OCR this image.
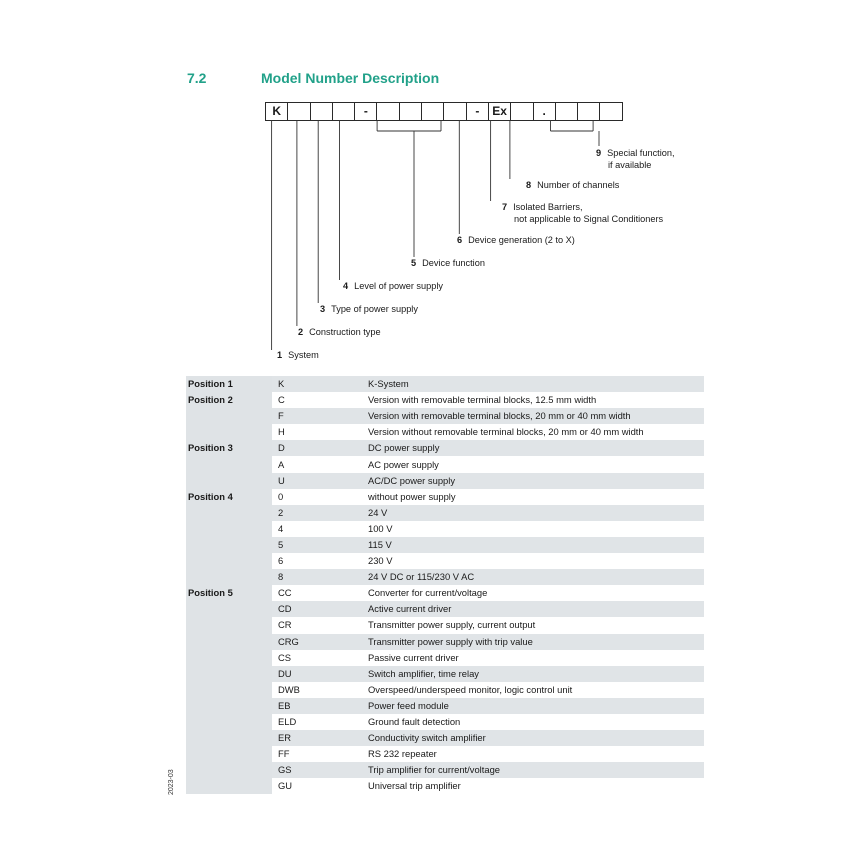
7.2	Model Number Description
K	-	-	Ex	.
1 System
2 Construction type
3 Type of power supply
4 Level of power supply
5 Device function
6 Device generation (2 to X)
7 Isolated Barriers,
not applicable to Signal Conditioners
8 Number of channels
9 Special function,
if available
Position 1	K	K-System
Position 2	C	Version with removable terminal blocks, 12.5 mm width
	F	Version with removable terminal blocks, 20 mm or 40 mm width
	H	Version without removable terminal blocks, 20 mm or 40 mm width
Position 3	D	DC power supply
	A	AC power supply
	U	AC/DC power supply
Position 4	0	without power supply
	2	24 V
	4	100 V
	5	115 V
	6	230 V
	8	24 V DC or 115/230 V AC
Position 5	CC	Converter for current/voltage
	CD	Active current driver
	CR	Transmitter power supply, current output
	CRG	Transmitter power supply with trip value
	CS	Passive current driver
	DU	Switch amplifier, time relay
	DWB	Overspeed/underspeed monitor, logic control unit
	EB	Power feed module
	ELD	Ground fault detection
	ER	Conductivity switch amplifier
	FF	RS 232 repeater
	GS	Trip amplifier for current/voltage
	GU	Universal trip amplifier
2023-03
